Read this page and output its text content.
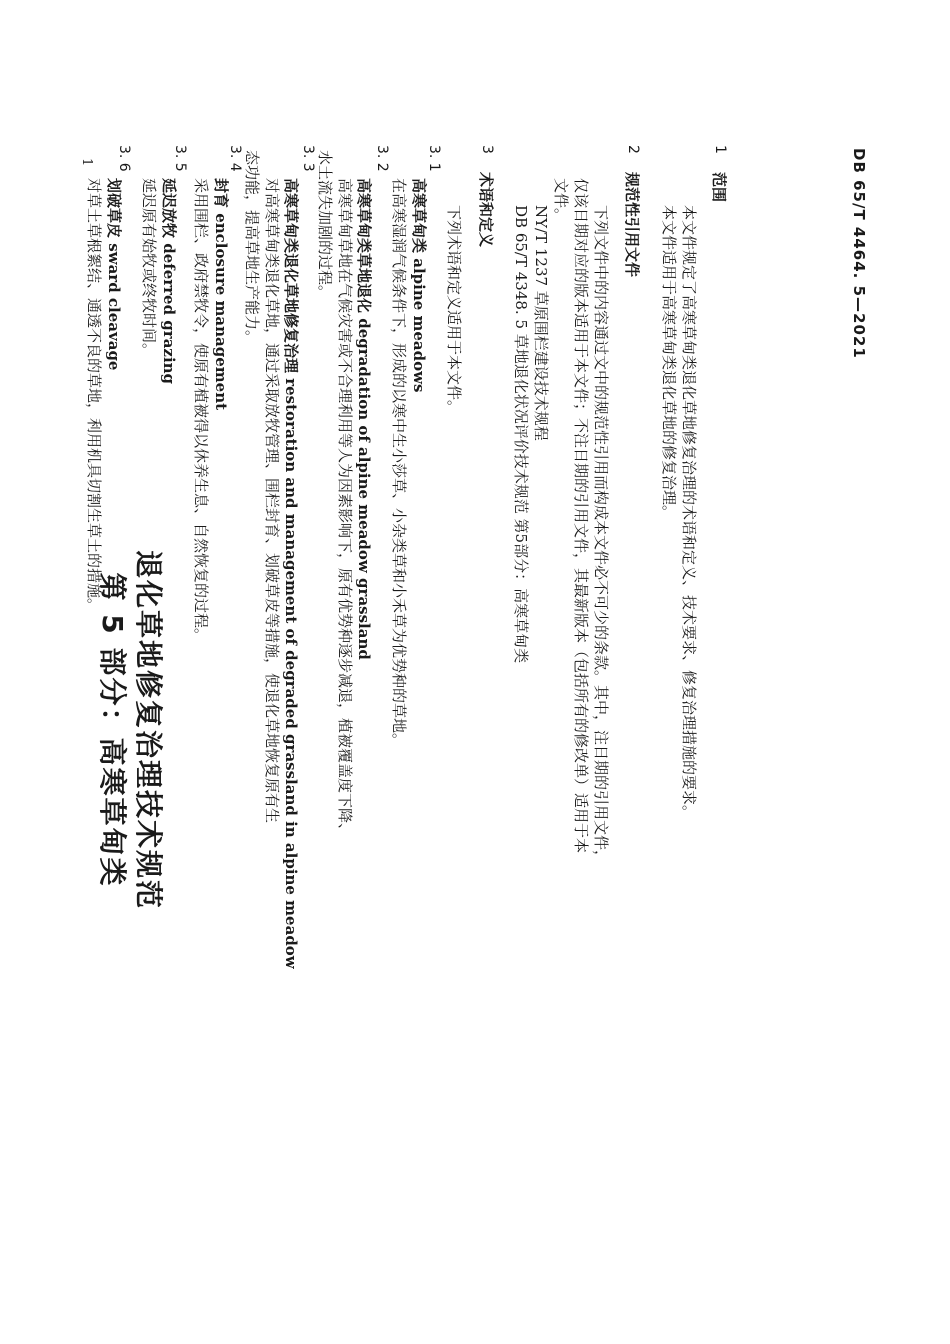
DB 65/T 4464. 5—2021
1
退化草地修复治理技术规范
第 5 部分：高寒草甸类
1
范围
本文件规定了高寒草甸类退化草地修复治理的术语和定义、技术要求、修复治理措施的要求。
本文件适用于高寒草甸类退化草地的修复治理。
2
规范性引用文件
下列文件中的内容通过文中的规范性引用而构成本文件必不可少的条款。其中，注日期的引用文件，
仅该日期对应的版本适用于本文件；不注日期的引用文件，其最新版本（包括所有的修改单）适用于本
文件。
NY/T 1237 草原围栏建设技术规程
DB 65/T 4348. 5 草地退化状况评价技术规范 第5部分：高寒草甸类
3
术语和定义
下列术语和定义适用于本文件。
3. 1
高寒草甸类 alpine meadows
在高寒湿润气候条件下，形成的以寒中生小莎草、小杂类草和小禾草为优势种的草地。
3. 2
高寒草甸类草地退化 degradation of alpine meadow grassland
高寒草甸草地在气候灾害或不合理利用等人为因素影响下，原有优势种逐步减退，植被覆盖度下降、
水土流失加剧的过程。
3. 3
高寒草甸类退化草地修复治理 restoration and management of degraded grassland in alpine meadow
对高寒草甸类退化草地，通过采取放牧管理、围栏封育、划破草皮等措施，使退化草地恢复原有生
态功能，提高草地生产能力。
3. 4
封育 enclosure management
采用围栏、政府禁牧令，使原有植被得以休养生息、自然恢复的过程。
3. 5
延迟放牧 deferred grazing
延迟原有始牧或终牧时间。
3. 6
划破草皮 sward cleavage
对草土草根絮结、通透不良的草地，利用机具切割生草土的措施。
